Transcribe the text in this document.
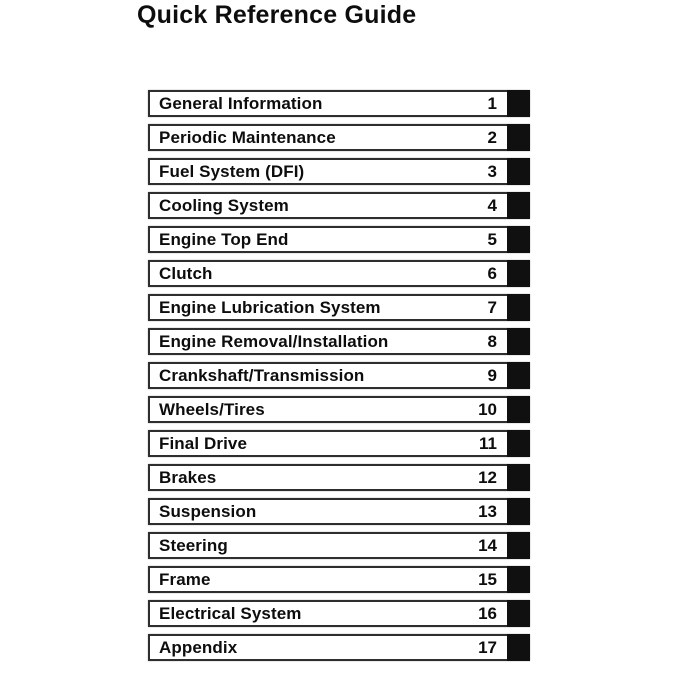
Quick Reference Guide
General Information	1
Periodic Maintenance	2
Fuel System (DFI)	3
Cooling System	4
Engine Top End	5
Clutch	6
Engine Lubrication System	7
Engine Removal/Installation	8
Crankshaft/Transmission	9
Wheels/Tires	10
Final Drive	11
Brakes	12
Suspension	13
Steering	14
Frame	15
Electrical System	16
Appendix	17
